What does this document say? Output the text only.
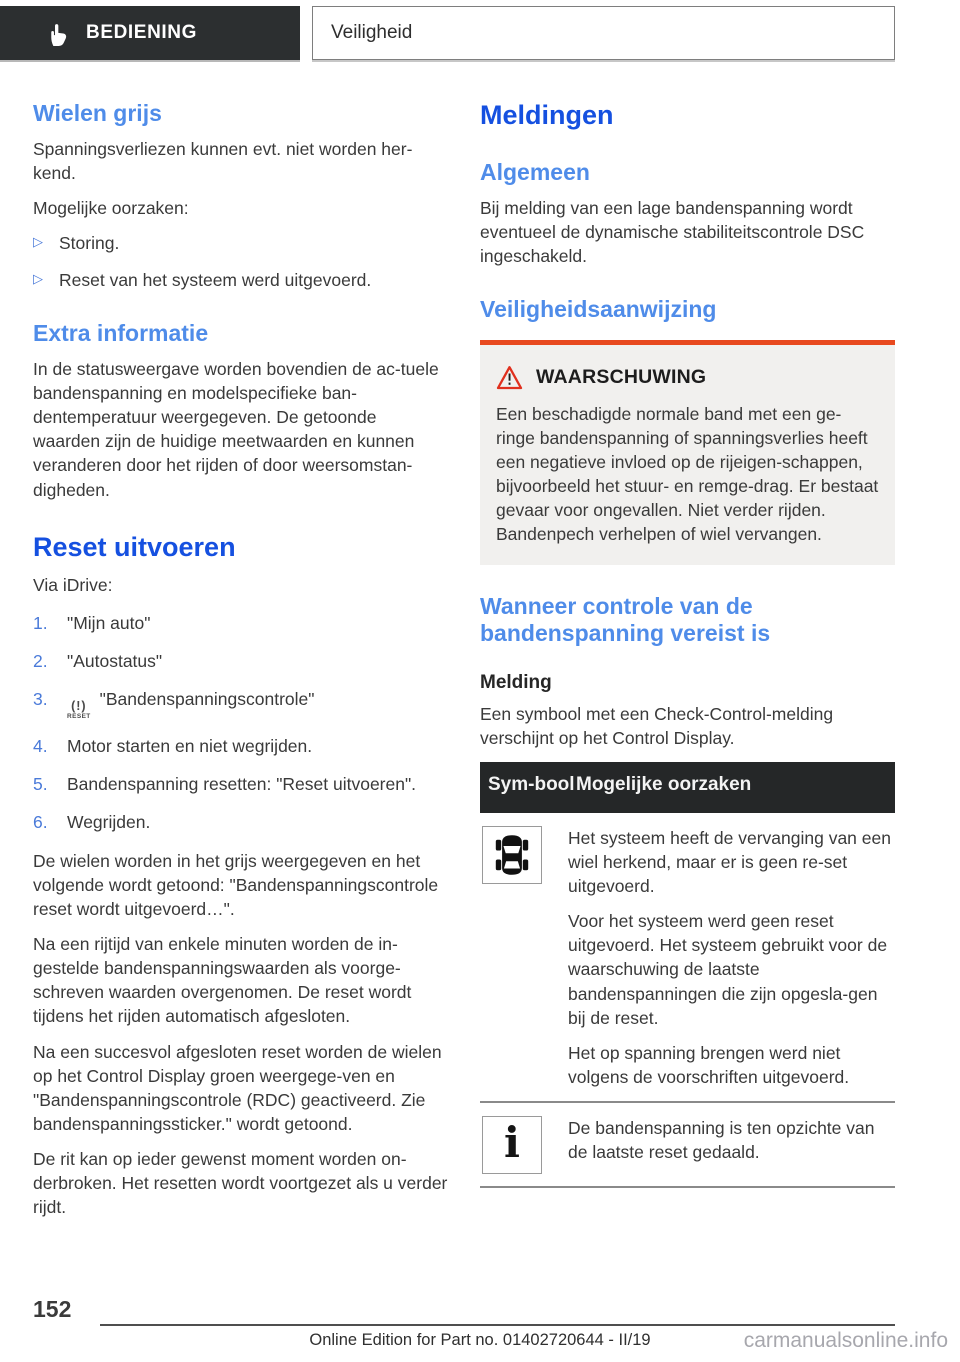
BEDIENING	Veiligheid
Wielen grijs

Spanningsverliezen kunnen evt. niet worden her-kend.

Mogelijke oorzaken:

▷ Storing.
▷ Reset van het systeem werd uitgevoerd.
Extra informatie

In de statusweergave worden bovendien de ac-tuele bandenspanning en modelspecifieke ban-dentemperatuur weergegeven. De getoonde waarden zijn de huidige meetwaarden en kunnen veranderen door het rijden of door weersomstan-digheden.

Reset uitvoeren

Via iDrive:

1.	"Mijn auto"
2.	"Autostatus"
3.	(!)
RESET
"Bandenspanningscontrole"
4.	Motor starten en niet wegrijden.
5.	Bandenspanning resetten: "Reset uitvoeren".
6.	Wegrijden.

De wielen worden in het grijs weergegeven en het volgende wordt getoond: "Bandenspanningscontrole reset wordt uitgevoerd…".

Na een rijtijd van enkele minuten worden de in-gestelde bandenspanningswaarden als voorge-schreven waarden overgenomen. De reset wordt tijdens het rijden automatisch afgesloten.

Na een succesvol afgesloten reset worden de wielen op het Control Display groen weergege-ven en "Bandenspanningscontrole (RDC) geactiveerd. Zie bandenspanningssticker." wordt getoond.

De rit kan op ieder gewenst moment worden on-derbroken. Het resetten wordt voortgezet als u verder rijdt.

Meldingen
Algemeen

Bij melding van een lage bandenspanning wordt eventueel de dynamische stabiliteitscontrole DSC ingeschakeld.

Veiligheidsaanwijzing
WAARSCHUWING

Een beschadigde normale band met een ge-ringe bandenspanning of spanningsverlies heeft een negatieve invloed op de rijeigen-schappen, bijvoorbeeld het stuur- en remge-drag. Er bestaat gevaar voor ongevallen. Niet verder rijden. Bandenpech verhelpen of wiel vervangen.

Wanneer controle van de bandenspanning vereist is
Melding

Een symbool met een Check-Control-melding verschijnt op het Control Display.

Sym-bool Mogelijke oorzaken

Het systeem heeft de vervanging van een wiel herkend, maar er is geen re-set uitgevoerd.

Voor het systeem werd geen reset uitgevoerd. Het systeem gebruikt voor de waarschuwing de laatste bandenspanningen die zijn opgesla-gen bij de reset.

Het op spanning brengen werd niet volgens de voorschriften uitgevoerd.

i	De bandenspanning is ten opzichte van de laatste reset gedaald.

152
Online Edition for Part no. 01402720644 - II/19	carmanualsonline.info
